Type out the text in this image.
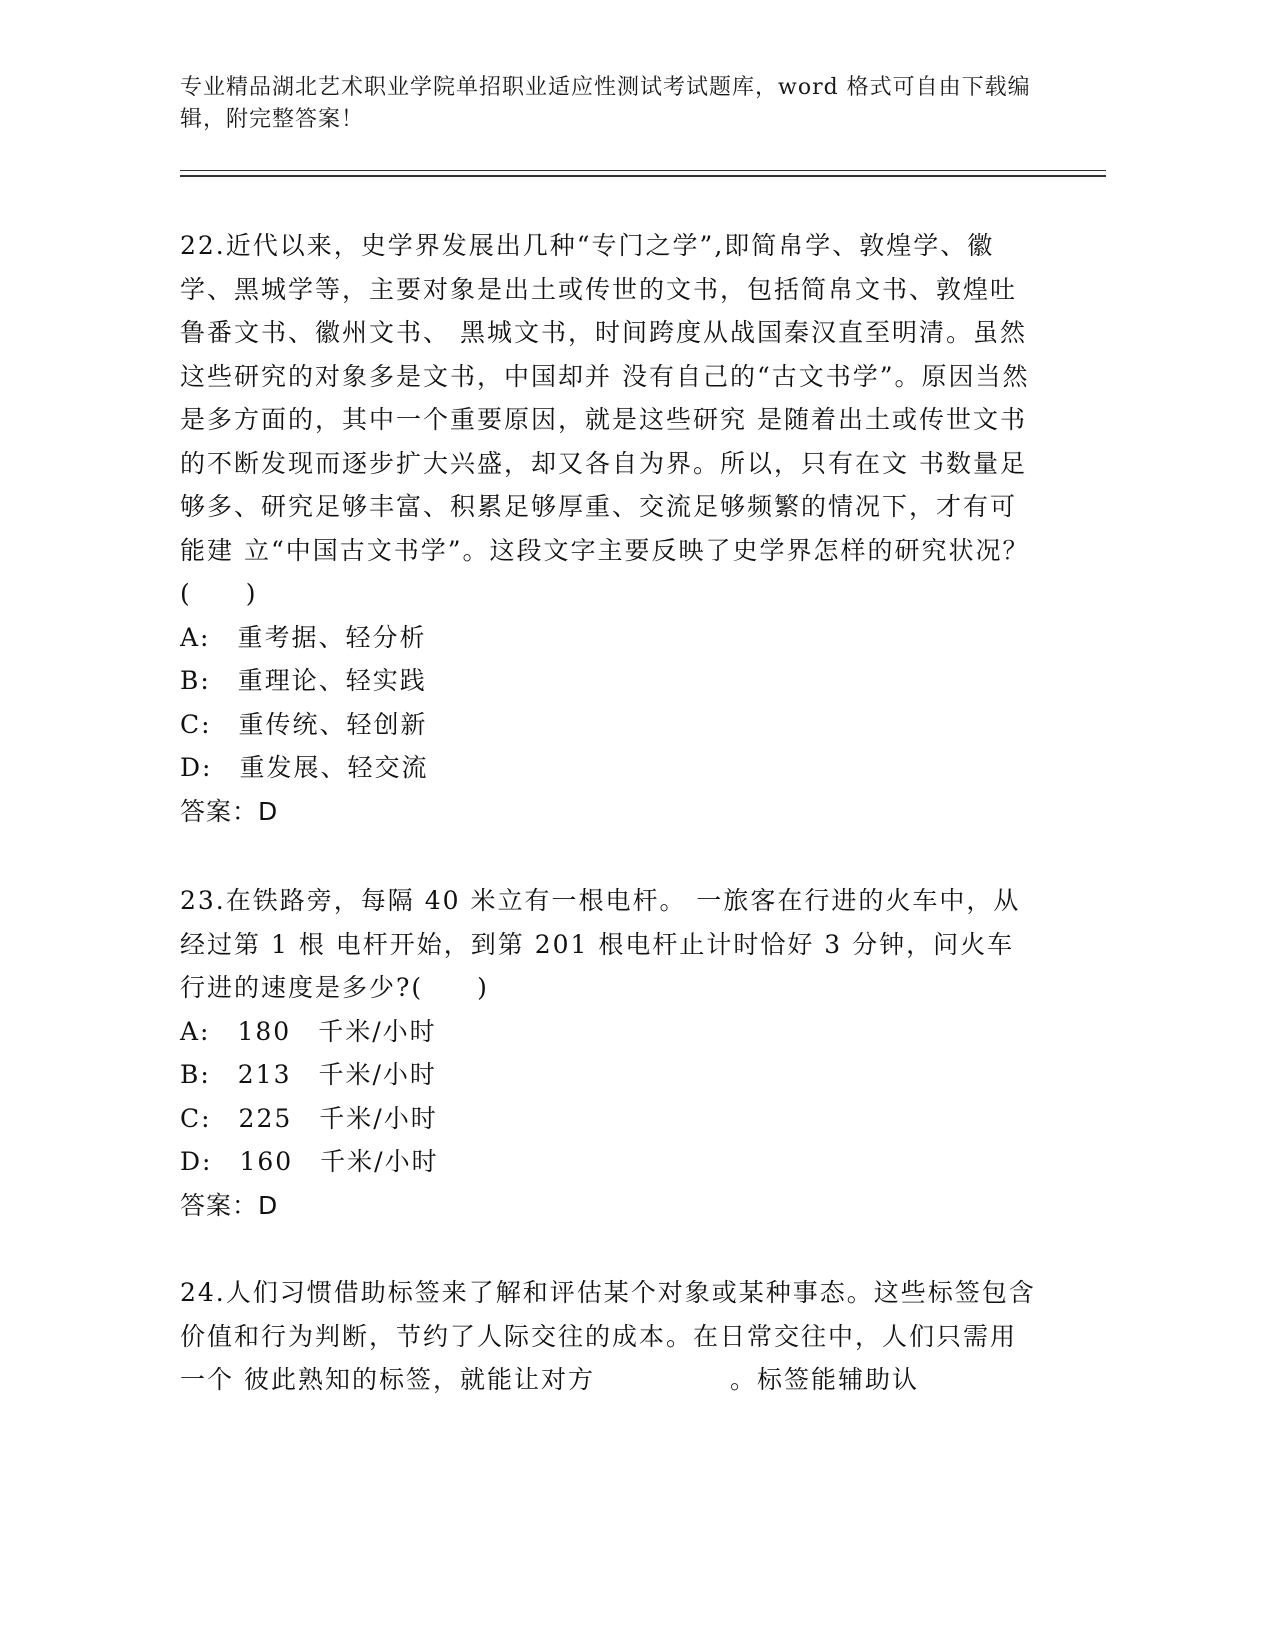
专业精品湖北艺术职业学院单招职业适应性测试考试题库，word 格式可自由下载编辑，附完整答案！

22.近代以来，史学界发展出几种“专门之学”,即简帛学、敦煌学、徽学、黑城学等，主要对象是出土或传世的文书，包括简帛文书、敦煌吐鲁番文书、徽州文书、 黑城文书，时间跨度从战国秦汉直至明清。虽然这些研究的对象多是文书，中国却并 没有自己的“古文书学”。原因当然是多方面的，其中一个重要原因，就是这些研究 是随着出土或传世文书的不断发现而逐步扩大兴盛，却又各自为界。所以，只有在文 书数量足够多、研究足够丰富、积累足够厚重、交流足够频繁的情况下，才有可能建 立“中国古文书学”。这段文字主要反映了史学界怎样的研究状况？(　　)

A:　重考据、轻分析
B:　重理论、轻实践
C:　重传统、轻创新
D:　重发展、轻交流
答案：D

23.在铁路旁，每隔 40 米立有一根电杆。 一旅客在行进的火车中，从经过第 1 根 电杆开始，到第 201 根电杆止计时恰好 3 分钟，问火车行进的速度是多少?(　　)

A:　180　千米/小时
B:　213　千米/小时
C:　225　千米/小时
D:　160　千米/小时
答案：D

24.人们习惯借助标签来了解和评估某个对象或某种事态。这些标签包含　　　价值和行为判断，节约了人际交往的成本。在日常交往中，人们只需用一个 彼此熟知的标签，就能让对方　　　　　。标签能辅助认
